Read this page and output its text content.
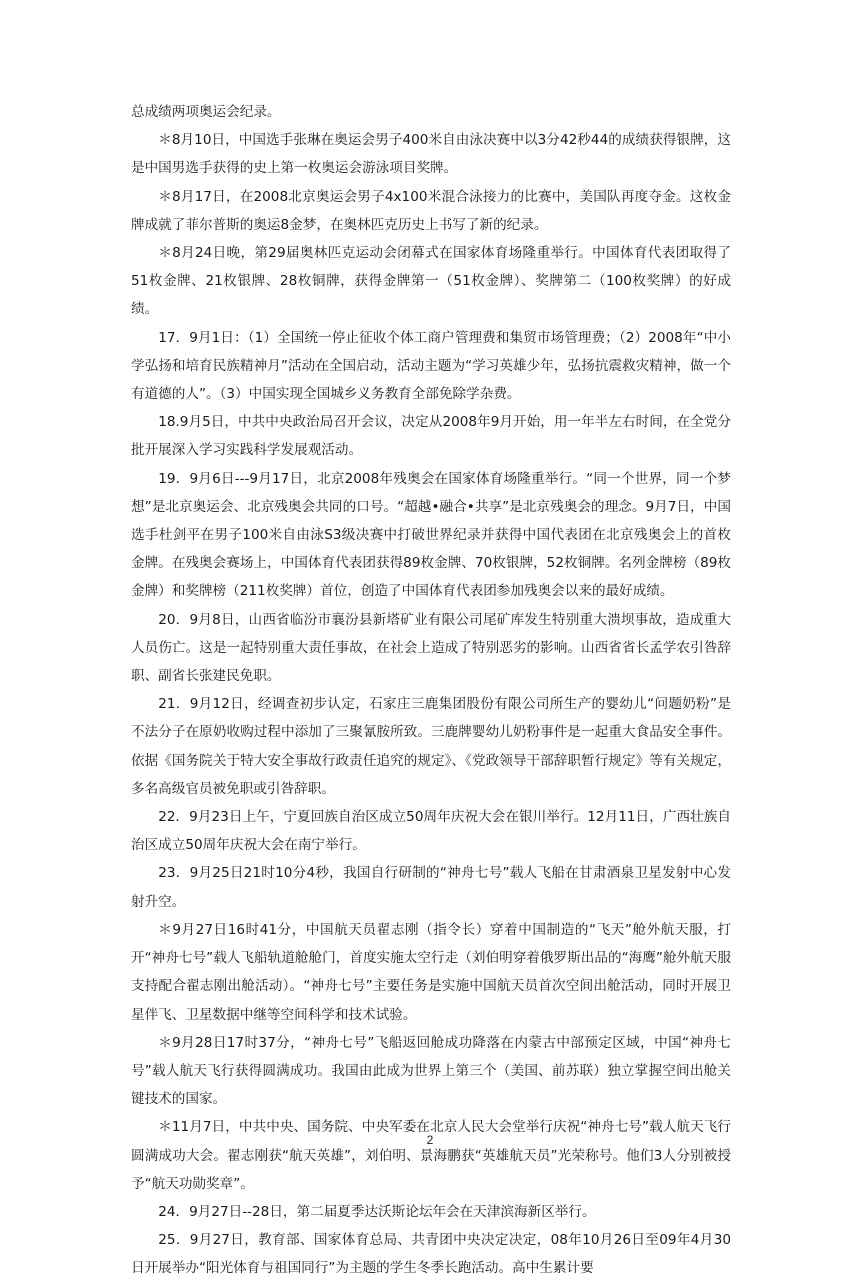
总成绩两项奥运会纪录。

＊8月10日，中国选手张琳在奥运会男子400米自由泳决赛中以3分42秒44的成绩获得银牌，这是中国男选手获得的史上第一枚奥运会游泳项目奖牌。

＊8月17日，在2008北京奥运会男子4x100米混合泳接力的比赛中，美国队再度夺金。这枚金牌成就了菲尔普斯的奥运8金梦，在奥林匹克历史上书写了新的纪录。

＊8月24日晚，第29届奥林匹克运动会闭幕式在国家体育场隆重举行。中国体育代表团取得了51枚金牌、21枚银牌、28枚铜牌，获得金牌第一（51枚金牌）、奖牌第二（100枚奖牌）的好成绩。

17．9月1日：（1）全国统一停止征收个体工商户管理费和集贸市场管理费；（2）2008年“中小学弘扬和培育民族精神月”活动在全国启动，活动主题为“学习英雄少年，弘扬抗震救灾精神，做一个有道德的人”。（3）中国实现全国城乡义务教育全部免除学杂费。

18.9月5日，中共中央政治局召开会议，决定从2008年9月开始，用一年半左右时间，在全党分批开展深入学习实践科学发展观活动。

19．9月6日---9月17日，北京2008年残奥会在国家体育场隆重举行。“同一个世界，同一个梦想”是北京奥运会、北京残奥会共同的口号。“超越•融合•共享”是北京残奥会的理念。9月7日，中国选手杜剑平在男子100米自由泳S3级决赛中打破世界纪录并获得中国代表团在北京残奥会上的首枚金牌。在残奥会赛场上，中国体育代表团获得89枚金牌、70枚银牌，52枚铜牌。名列金牌榜（89枚金牌）和奖牌榜（211枚奖牌）首位，创造了中国体育代表团参加残奥会以来的最好成绩。

20．9月8日，山西省临汾市襄汾县新塔矿业有限公司尾矿库发生特别重大溃坝事故，造成重大人员伤亡。这是一起特别重大责任事故，在社会上造成了特别恶劣的影响。山西省省长孟学农引咎辞职、副省长张建民免职。

21．9月12日，经调查初步认定，石家庄三鹿集团股份有限公司所生产的婴幼儿“问题奶粉”是不法分子在原奶收购过程中添加了三聚氰胺所致。三鹿牌婴幼儿奶粉事件是一起重大食品安全事件。依据《国务院关于特大安全事故行政责任追究的规定》、《党政领导干部辞职暂行规定》等有关规定，多名高级官员被免职或引咎辞职。

22．9月23日上午，宁夏回族自治区成立50周年庆祝大会在银川举行。12月11日，广西壮族自治区成立50周年庆祝大会在南宁举行。

23．9月25日21时10分4秒，我国自行研制的“神舟七号”载人飞船在甘肃酒泉卫星发射中心发射升空。

＊9月27日16时41分，中国航天员翟志刚（指令长）穿着中国制造的“飞天”舱外航天服，打开“神舟七号”载人飞船轨道舱舱门，首度实施太空行走（刘伯明穿着俄罗斯出品的“海鹰”舱外航天服支持配合翟志刚出舱活动）。“神舟七号”主要任务是实施中国航天员首次空间出舱活动，同时开展卫星伴飞、卫星数据中继等空间科学和技术试验。

＊9月28日17时37分，“神舟七号”飞船返回舱成功降落在内蒙古中部预定区域，中国“神舟七号”载人航天飞行获得圆满成功。我国由此成为世界上第三个（美国、前苏联）独立掌握空间出舱关键技术的国家。

＊11月7日，中共中央、国务院、中央军委在北京人民大会堂举行庆祝“神舟七号”载人航天飞行圆满成功大会。翟志刚获“航天英雄”，刘伯明、景海鹏获“英雄航天员”光荣称号。他们3人分别被授予“航天功勋奖章”。

24．9月27日--28日，第二届夏季达沃斯论坛年会在天津滨海新区举行。

25．9月27日，教育部、国家体育总局、共青团中央决定决定，08年10月26日至09年4月30日开展举办“阳光体育与祖国同行”为主题的学生冬季长跑活动。高中生累计要

2
